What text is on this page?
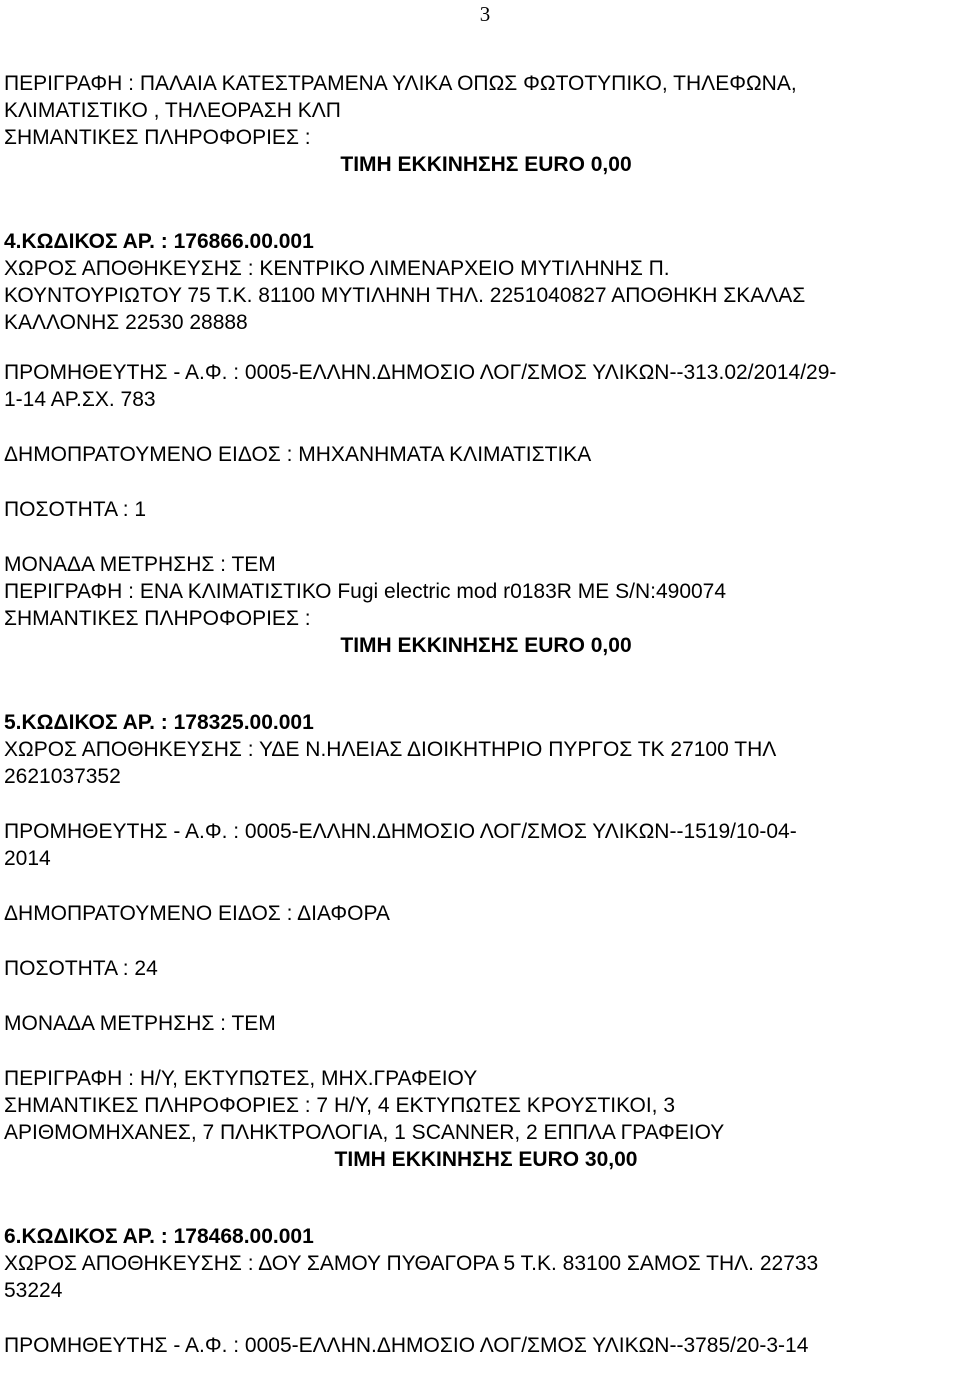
3
ΠΕΡΙΓΡΑΦΗ : ΠΑΛΑΙΑ ΚΑΤΕΣΤΡΑΜΕΝΑ ΥΛΙΚΑ ΟΠΩΣ ΦΩΤΟΤΥΠΙΚΟ, ΤΗΛΕΦΩΝΑ,
ΚΛΙΜΑΤΙΣΤΙΚΟ , ΤΗΛΕΟΡΑΣΗ ΚΛΠ
ΣΗΜΑΝΤΙΚΕΣ ΠΛΗΡΟΦΟΡΙΕΣ :
ΤΙΜΗ ΕΚΚΙΝΗΣΗΣ EURO 0,00
4.ΚΩΔΙΚΟΣ ΑΡ. : 176866.00.001
ΧΩΡΟΣ ΑΠΟΘΗΚΕΥΣΗΣ : ΚΕΝΤΡΙΚΟ ΛΙΜΕΝΑΡΧΕΙΟ ΜΥΤΙΛΗΝΗΣ Π.
ΚΟΥΝΤΟΥΡΙΩΤΟΥ 75 Τ.Κ. 81100 ΜΥΤΙΛΗΝΗ ΤΗΛ. 2251040827 ΑΠΟΘΗΚΗ ΣΚΑΛΑΣ
ΚΑΛΛΟΝΗΣ 22530 28888
ΠΡΟΜΗΘΕΥΤΗΣ - Α.Φ. : 0005-ΕΛΛΗΝ.ΔΗΜΟΣΙΟ ΛΟΓ/ΣΜΟΣ ΥΛΙΚΩΝ--313.02/2014/29-
1-14 ΑΡ.ΣΧ. 783
ΔΗΜΟΠΡΑΤΟΥΜΕΝΟ ΕΙΔΟΣ : ΜΗΧΑΝΗΜΑΤΑ ΚΛΙΜΑΤΙΣΤΙΚΑ
ΠΟΣΟΤΗΤΑ : 1
ΜΟΝΑΔΑ ΜΕΤΡΗΣΗΣ : ΤΕΜ
ΠΕΡΙΓΡΑΦΗ : ΕΝΑ ΚΛΙΜΑΤΙΣΤΙΚΟ Fugi electric mod r0183R ΜΕ S/N:490074
ΣΗΜΑΝΤΙΚΕΣ ΠΛΗΡΟΦΟΡΙΕΣ :
ΤΙΜΗ ΕΚΚΙΝΗΣΗΣ EURO 0,00
5.ΚΩΔΙΚΟΣ ΑΡ. : 178325.00.001
ΧΩΡΟΣ ΑΠΟΘΗΚΕΥΣΗΣ : ΥΔΕ Ν.ΗΛΕΙΑΣ ΔΙΟΙΚΗΤΗΡΙΟ ΠΥΡΓΟΣ ΤΚ 27100 ΤΗΛ
2621037352
ΠΡΟΜΗΘΕΥΤΗΣ - Α.Φ. : 0005-ΕΛΛΗΝ.ΔΗΜΟΣΙΟ ΛΟΓ/ΣΜΟΣ ΥΛΙΚΩΝ--1519/10-04-
2014
ΔΗΜΟΠΡΑΤΟΥΜΕΝΟ ΕΙΔΟΣ : ΔΙΑΦΟΡΑ
ΠΟΣΟΤΗΤΑ : 24
ΜΟΝΑΔΑ ΜΕΤΡΗΣΗΣ : ΤΕΜ
ΠΕΡΙΓΡΑΦΗ : Η/Υ, ΕΚΤΥΠΩΤΕΣ, ΜΗΧ.ΓΡΑΦΕΙΟΥ
ΣΗΜΑΝΤΙΚΕΣ ΠΛΗΡΟΦΟΡΙΕΣ : 7 Η/Υ, 4 ΕΚΤΥΠΩΤΕΣ ΚΡΟΥΣΤΙΚΟΙ, 3
ΑΡΙΘΜΟΜΗΧΑΝΕΣ, 7 ΠΛΗΚΤΡΟΛΟΓΙΑ, 1 SCANNER, 2 ΕΠΠΛΑ ΓΡΑΦΕΙΟΥ
ΤΙΜΗ ΕΚΚΙΝΗΣΗΣ EURO 30,00
6.ΚΩΔΙΚΟΣ ΑΡ. : 178468.00.001
ΧΩΡΟΣ ΑΠΟΘΗΚΕΥΣΗΣ : ΔΟΥ ΣΑΜΟΥ ΠΥΘΑΓΟΡΑ 5 Τ.Κ. 83100 ΣΑΜΟΣ ΤΗΛ. 22733
53224
ΠΡΟΜΗΘΕΥΤΗΣ - Α.Φ. : 0005-ΕΛΛΗΝ.ΔΗΜΟΣΙΟ ΛΟΓ/ΣΜΟΣ ΥΛΙΚΩΝ--3785/20-3-14
